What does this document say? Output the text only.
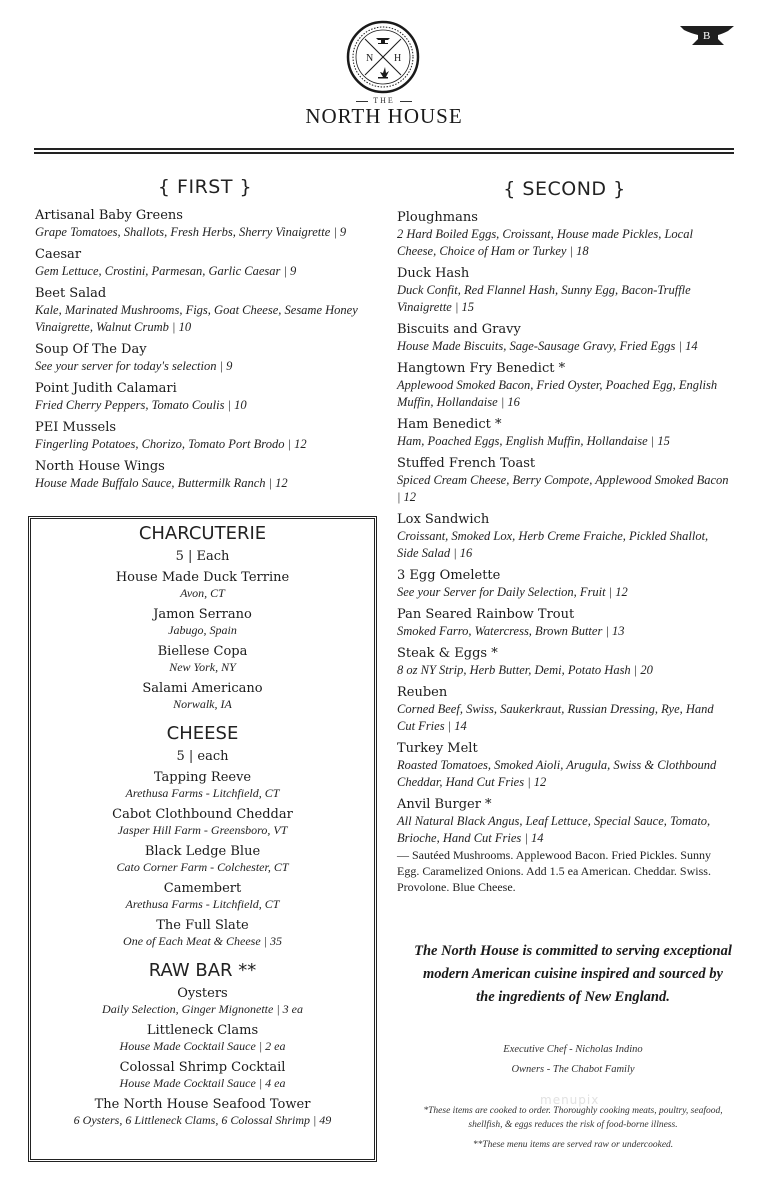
N H
THE
NORTH HOUSE
B
{ FIRST }
Artisanal Baby Greens
Grape Tomatoes, Shallots, Fresh Herbs, Sherry Vinaigrette | 9
Caesar
Gem Lettuce, Crostini, Parmesan, Garlic Caesar | 9
Beet Salad
Kale, Marinated Mushrooms, Figs, Goat Cheese, Sesame Honey Vinaigrette, Walnut Crumb | 10
Soup Of The Day
See your server for today's selection | 9
Point Judith Calamari
Fried Cherry Peppers, Tomato Coulis | 10
PEI Mussels
Fingerling Potatoes, Chorizo, Tomato Port Brodo | 12
North House Wings
House Made Buffalo Sauce, Buttermilk Ranch | 12
{ SECOND }
Ploughmans
2 Hard Boiled Eggs, Croissant, House made Pickles, Local Cheese, Choice of Ham or Turkey | 18
Duck Hash
Duck Confit, Red Flannel Hash, Sunny Egg, Bacon-Truffle Vinaigrette | 15
Biscuits and Gravy
House Made Biscuits, Sage-Sausage Gravy, Fried Eggs | 14
Hangtown Fry Benedict *
Applewood Smoked Bacon, Fried Oyster, Poached Egg, English Muffin, Hollandaise | 16
Ham Benedict *
Ham, Poached Eggs, English Muffin, Hollandaise | 15
Stuffed French Toast
Spiced Cream Cheese, Berry Compote, Applewood Smoked Bacon | 12
Lox Sandwich
Croissant, Smoked Lox, Herb Creme Fraiche, Pickled Shallot, Side Salad | 16
3 Egg Omelette
See your Server for Daily Selection, Fruit | 12
Pan Seared Rainbow Trout
Smoked Farro, Watercress, Brown Butter | 13
Steak & Eggs *
8 oz NY Strip, Herb Butter, Demi, Potato Hash | 20
Reuben
Corned Beef, Swiss, Saukerkraut, Russian Dressing, Rye, Hand Cut Fries | 14
Turkey Melt
Roasted Tomatoes, Smoked Aioli, Arugula, Swiss & Clothbound Cheddar, Hand Cut Fries | 12
Anvil Burger *
All Natural Black Angus, Leaf Lettuce, Special Sauce, Tomato, Brioche, Hand Cut Fries | 14
— Sautéed Mushrooms. Applewood Bacon. Fried Pickles. Sunny Egg. Caramelized Onions. Add 1.5 ea American. Cheddar. Swiss. Provolone. Blue Cheese.
CHARCUTERIE
5 | Each
House Made Duck Terrine
Avon, CT
Jamon Serrano
Jabugo, Spain
Biellese Copa
New York, NY
Salami Americano
Norwalk, IA
CHEESE
5 | each
Tapping Reeve
Arethusa Farms - Litchfield, CT
Cabot Clothbound Cheddar
Jasper Hill Farm - Greensboro, VT
Black Ledge Blue
Cato Corner Farm - Colchester, CT
Camembert
Arethusa Farms - Litchfield, CT
The Full Slate
One of Each Meat & Cheese | 35
RAW BAR **
Oysters
Daily Selection, Ginger Mignonette | 3 ea
Littleneck Clams
House Made Cocktail Sauce | 2 ea
Colossal Shrimp Cocktail
House Made Cocktail Sauce | 4 ea
The North House Seafood Tower
6 Oysters, 6 Littleneck Clams, 6 Colossal Shrimp | 49
The North House is committed to serving exceptional modern American cuisine inspired and sourced by the ingredients of New England.
Executive Chef - Nicholas Indino
Owners - The Chabot Family
menupix
*These items are cooked to order. Thoroughly cooking meats, poultry, seafood, shellfish, & eggs reduces the risk of food-borne illness.
**These menu items are served raw or undercooked.
